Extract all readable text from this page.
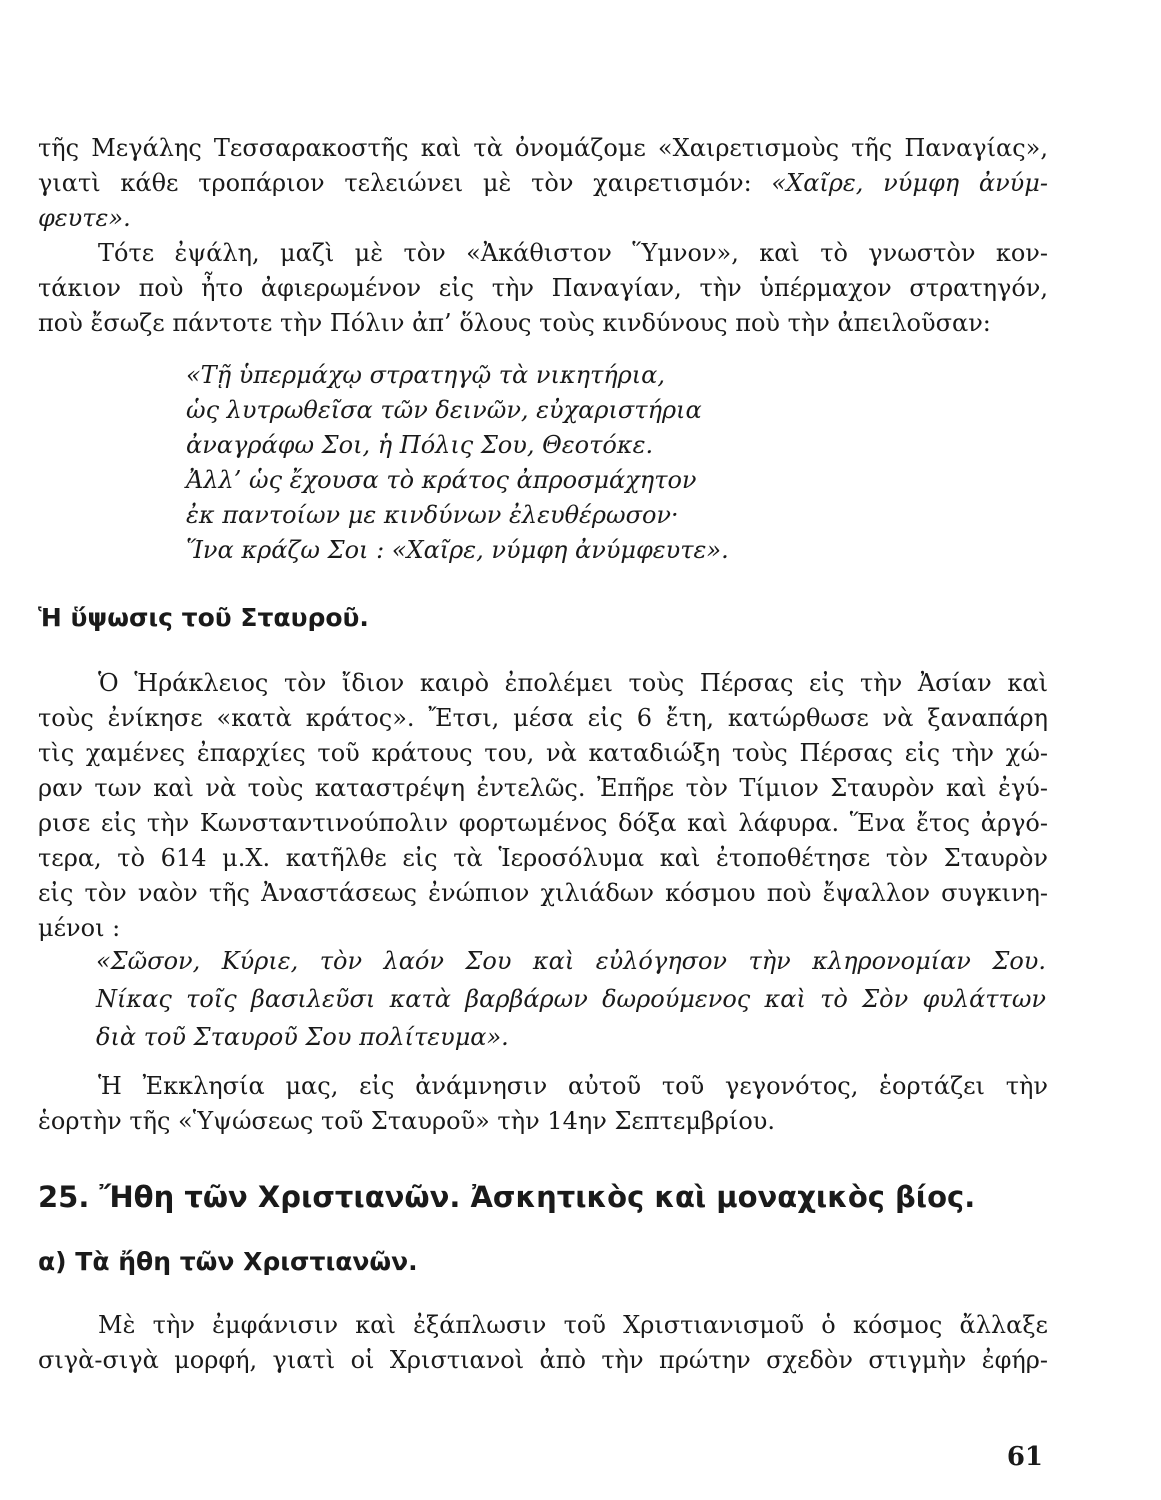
τῆς Μεγάλης Τεσσαρακοστῆς καὶ τὰ ὀνομάζομε «Χαιρετισμοὺς τῆς Παναγίας»,
γιατὶ κάθε τροπάριον τελειώνει μὲ τὸν χαιρετισμόν: «Χαῖρε, νύμφη ἀνύμ-
φευτε».
Τότε ἐψάλη, μαζὶ μὲ τὸν «Ἀκάθιστον Ὕμνον», καὶ τὸ γνωστὸν κον-
τάκιον ποὺ ἦτο ἀφιερωμένον εἰς τὴν Παναγίαν, τὴν ὑπέρμαχον στρατηγόν,
ποὺ ἔσωζε πάντοτε τὴν Πόλιν ἀπ’ ὅλους τοὺς κινδύνους ποὺ τὴν ἀπειλοῦσαν:
«Τῇ ὑπερμάχῳ στρατηγῷ τὰ νικητήρια,
ὡς λυτρωθεῖσα τῶν δεινῶν, εὐχαριστήρια
ἀναγράφω Σοι, ἡ Πόλις Σου, Θεοτόκε.
Ἀλλ’ ὡς ἔχουσα τὸ κράτος ἀπροσμάχητον
ἐκ παντοίων με κινδύνων ἐλευθέρωσον·
Ἵνα κράζω Σοι : «Χαῖρε, νύμφη ἀνύμφευτε».
Ἡ ὕψωσις τοῦ Σταυροῦ.
Ὁ Ἡράκλειος τὸν ἴδιον καιρὸ ἐπολέμει τοὺς Πέρσας εἰς τὴν Ἀσίαν καὶ
τοὺς ἐνίκησε «κατὰ κράτος». Ἔτσι, μέσα εἰς 6 ἔτη, κατώρθωσε νὰ ξαναπάρη
τὶς χαμένες ἐπαρχίες τοῦ κράτους του, νὰ καταδιώξη τοὺς Πέρσας εἰς τὴν χώ-
ραν των καὶ νὰ τοὺς καταστρέψη ἐντελῶς. Ἐπῆρε τὸν Τίμιον Σταυρὸν καὶ ἐγύ-
ρισε εἰς τὴν Κωνσταντινούπολιν φορτωμένος δόξα καὶ λάφυρα. Ἕνα ἔτος ἀργό-
τερα, τὸ 614 μ.Χ. κατῆλθε εἰς τὰ Ἱεροσόλυμα καὶ ἐτοποθέτησε τὸν Σταυρὸν
εἰς τὸν ναὸν τῆς Ἀναστάσεως ἐνώπιον χιλιάδων κόσμου ποὺ ἔψαλλον συγκινη-
μένοι :
«Σῶσον, Κύριε, τὸν λαόν Σου καὶ εὐλόγησον τὴν κληρονομίαν Σου.
Νίκας τοῖς βασιλεῦσι κατὰ βαρβάρων δωρούμενος καὶ τὸ Σὸν φυλάττων
διὰ τοῦ Σταυροῦ Σου πολίτευμα».
Ἡ Ἐκκλησία μας, εἰς ἀνάμνησιν αὐτοῦ τοῦ γεγονότος, ἑορτάζει τὴν
ἑορτὴν τῆς «Ὑψώσεως τοῦ Σταυροῦ» τὴν 14ην Σεπτεμβρίου.
25. Ἤθη τῶν Χριστιανῶν. Ἀσκητικὸς καὶ μοναχικὸς βίος.
α) Τὰ ἤθη τῶν Χριστιανῶν.
Μὲ τὴν ἐμφάνισιν καὶ ἐξάπλωσιν τοῦ Χριστιανισμοῦ ὁ κόσμος ἄλλαξε
σιγὰ-σιγὰ μορφή, γιατὶ οἱ Χριστιανοὶ ἀπὸ τὴν πρώτην σχεδὸν στιγμὴν ἐφήρ-
61
